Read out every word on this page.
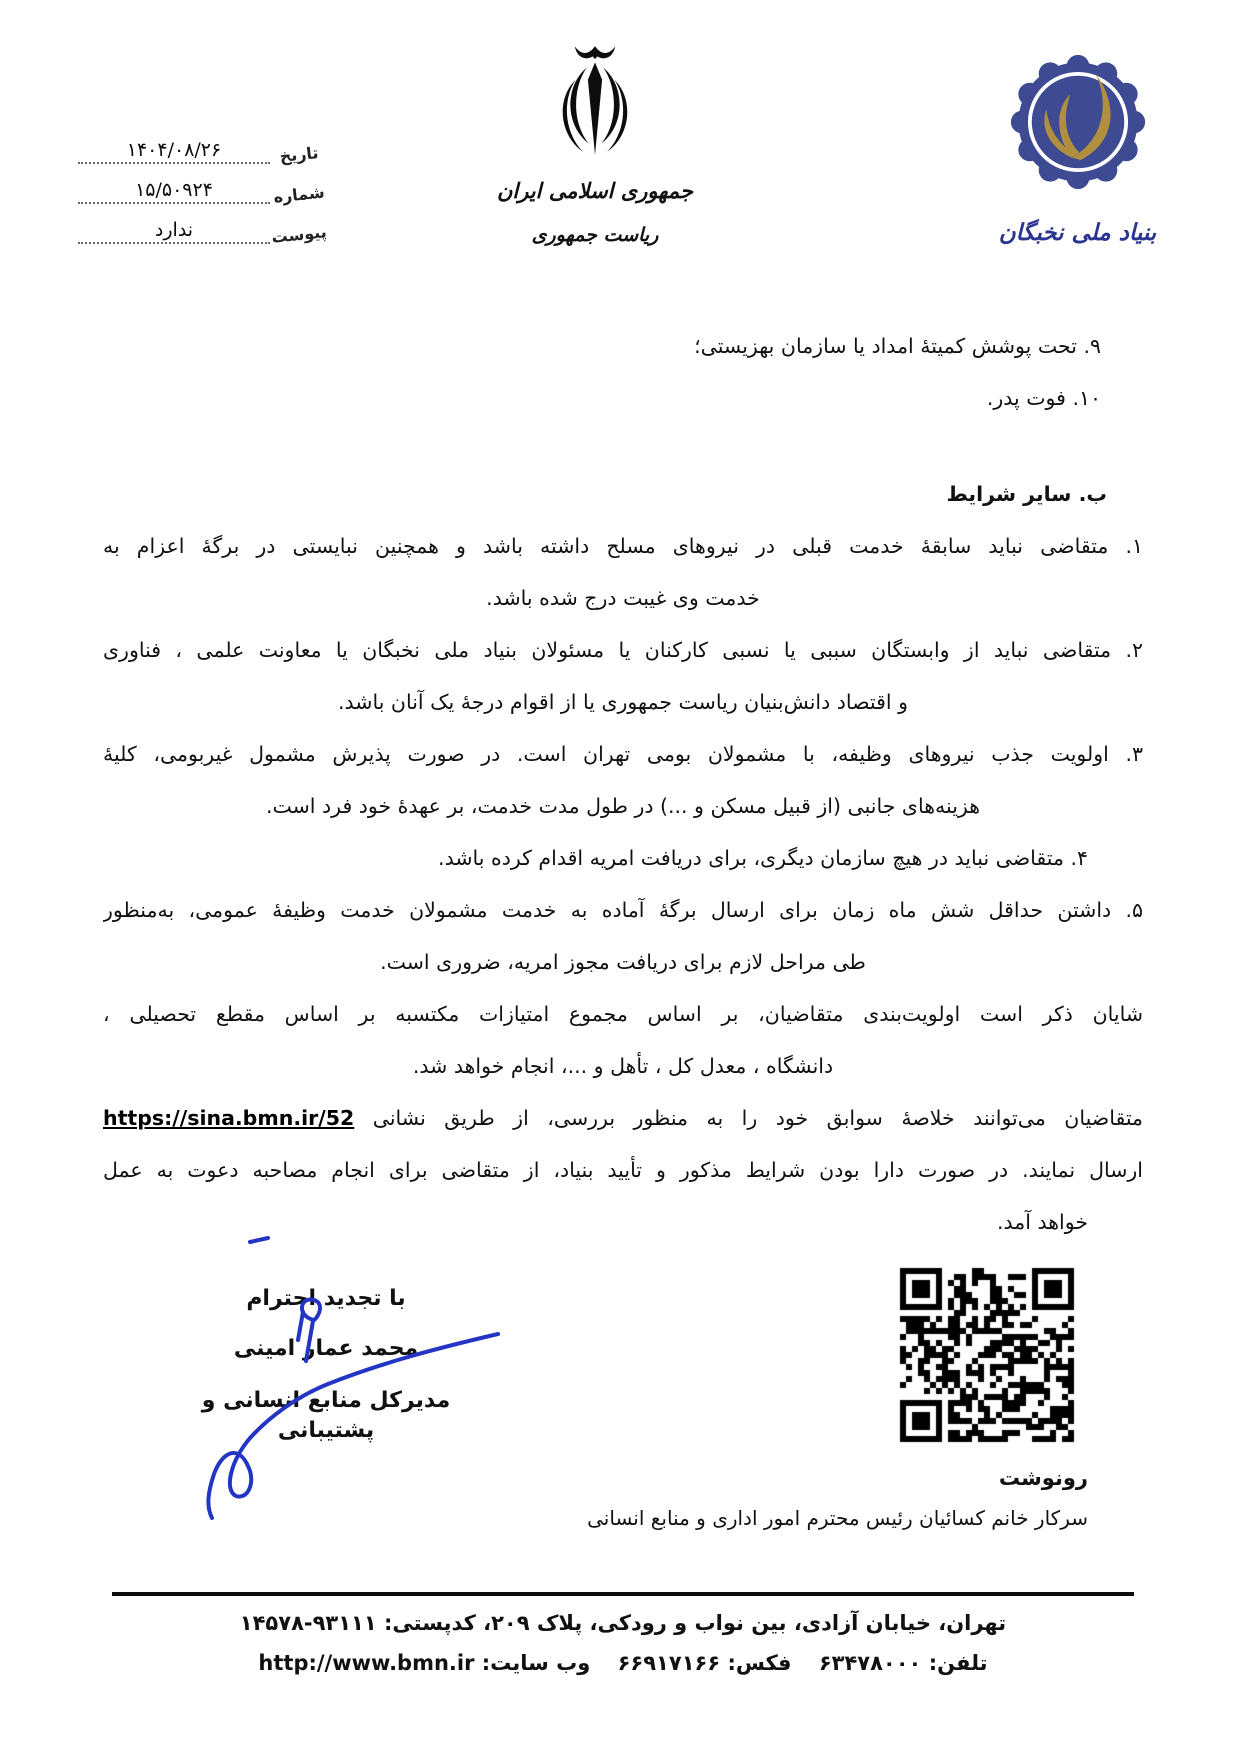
تاریخ
۱۴۰۴/۰۸/۲۶
شماره
۱۵/۵۰۹۲۴
پیوست
ندارد
جمهوری اسلامی ایران
ریاست جمهوری	بنیاد ملی نخبگان
۹. تحت پوشش کمیتهٔ امداد یا سازمان بهزیستی؛
۱۰. فوت پدر.
ب. سایر شرایط
۱. متقاضی نباید سابقهٔ خدمت قبلی در نیروهای مسلح داشته باشد و همچنین نبایستی در برگهٔ اعزام به
خدمت وی غیبت درج شده باشد.
۲. متقاضی نباید از وابستگان سببی یا نسبی کارکنان یا مسئولان بنیاد ملی نخبگان یا معاونت علمی ، فناوری
و اقتصاد دانش‌بنیان ریاست جمهوری یا از اقوام درجهٔ یک آنان باشد.
۳. اولویت جذب نیروهای وظیفه، با مشمولان بومی تهران است. در صورت پذیرش مشمول غیربومی، کلیهٔ
هزینه‌های جانبی (از قبیل مسکن و ...) در طول مدت خدمت، بر عهدهٔ خود فرد است.
۴. متقاضی نباید در هیچ سازمان دیگری، برای دریافت امریه اقدام کرده باشد.
۵. داشتن حداقل شش ماه زمان برای ارسال برگهٔ آماده به خدمت مشمولان خدمت وظیفهٔ عمومی، به‌منظور
طی مراحل لازم برای دریافت مجوز امریه، ضروری است.
شایان ذکر است اولویت‌بندی متقاضیان، بر اساس مجموع امتیازات مکتسبه بر اساس مقطع تحصیلی ،
دانشگاه ، معدل کل ، تأهل و ...، انجام خواهد شد.
متقاضیان می‌توانند خلاصهٔ سوابق خود را به منظور بررسی، از طریق نشانی https://sina.bmn.ir/52
ارسال نمایند. در صورت دارا بودن شرایط مذکور و تأیید بنیاد، از متقاضی برای انجام مصاحبه دعوت به عمل
خواهد آمد.
با تجدید احترام
محمد عمار امینی
مدیرکل منابع انسانی و پشتیبانی
رونوشت
سرکار خانم کسائیان رئیس محترم امور اداری و منابع انسانی
تهران، خیابان آزادی، بین نواب و رودکی، پلاک ۲۰۹، کدپستی: ۱۴۵۷۸-۹۳۱۱۱
تلفن: ۶۳۴۷۸۰۰۰ فکس: ۶۶۹۱۷۱۶۶ وب سایت: http://www.bmn.ir
